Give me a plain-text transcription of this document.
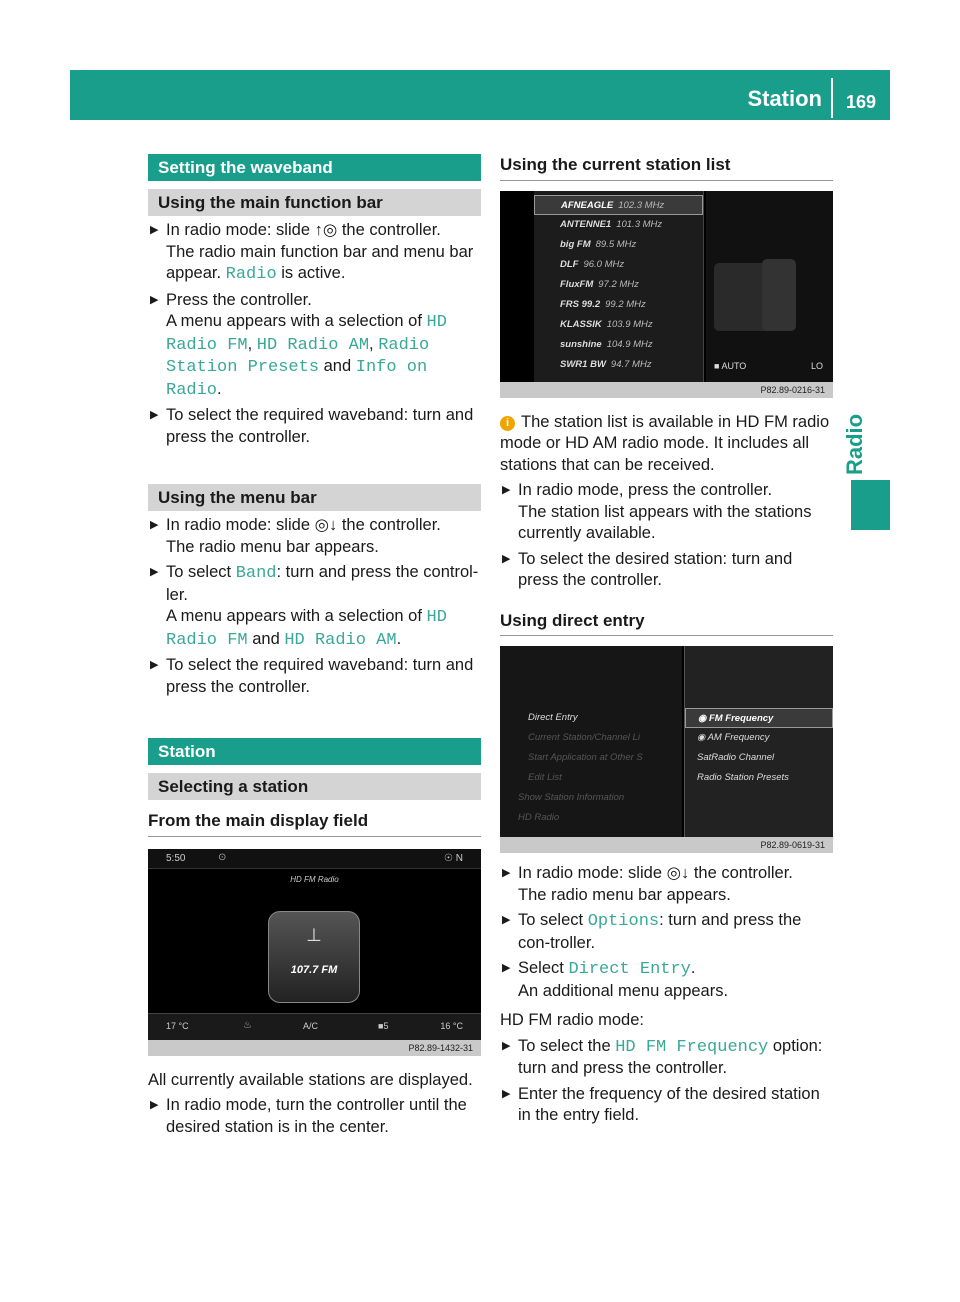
Station 169
Radio
Setting the waveband
Using the main function bar
▶ In radio mode: slide ↑◎ the controller.
The radio main function bar and menu bar appear. Radio is active.
▶ Press the controller.
A menu appears with a selection of HD Radio FM, HD Radio AM, Radio Station Presets and Info on Radio.
▶ To select the required waveband: turn and press the controller.
Using the menu bar
▶ In radio mode: slide ◎↓ the controller.
The radio menu bar appears.
▶ To select Band: turn and press the control-ler.
A menu appears with a selection of HD Radio FM and HD Radio AM.
▶ To select the required waveband: turn and press the controller.
Station
Selecting a station
From the main display field
5:50	⊙	☉ N
HD FM Radio
⊥
107.7 FM
17 °C	♨	A/C	■5	16 °C
P82.89-1432-31

All currently available stations are displayed.

▶ In radio mode, turn the controller until the desired station is in the center.
Using the current station list
AFNEAGLE 102.3 MHz
ANTENNE1 101.3 MHz
big FM 89.5 MHz
DLF 96.0 MHz
FluxFM 97.2 MHz
FRS 99.2 99.2 MHz
KLASSIK 103.9 MHz
sunshine 104.9 MHz
SWR1 BW 94.7 MHz	■ AUTO	LO
P82.89-0216-31

i The station list is available in HD FM radio mode or HD AM radio mode. It includes all stations that can be received.

▶ In radio mode, press the controller.
The station list appears with the stations currently available.
▶ To select the desired station: turn and press the controller.
Using direct entry
Direct Entry
Current Station/Channel Li
Start Application at Other S
Edit List
Show Station Information
HD Radio
◉ FM Frequency
◉ AM Frequency
SatRadio Channel
Radio Station Presets
P82.89-0619-31
▶ In radio mode: slide ◎↓ the controller.
The radio menu bar appears.
▶ To select Options: turn and press the con-troller.
▶ Select Direct Entry.
An additional menu appears.

HD FM radio mode:

▶ To select the HD FM Frequency option: turn and press the controller.
▶ Enter the frequency of the desired station in the entry field.
